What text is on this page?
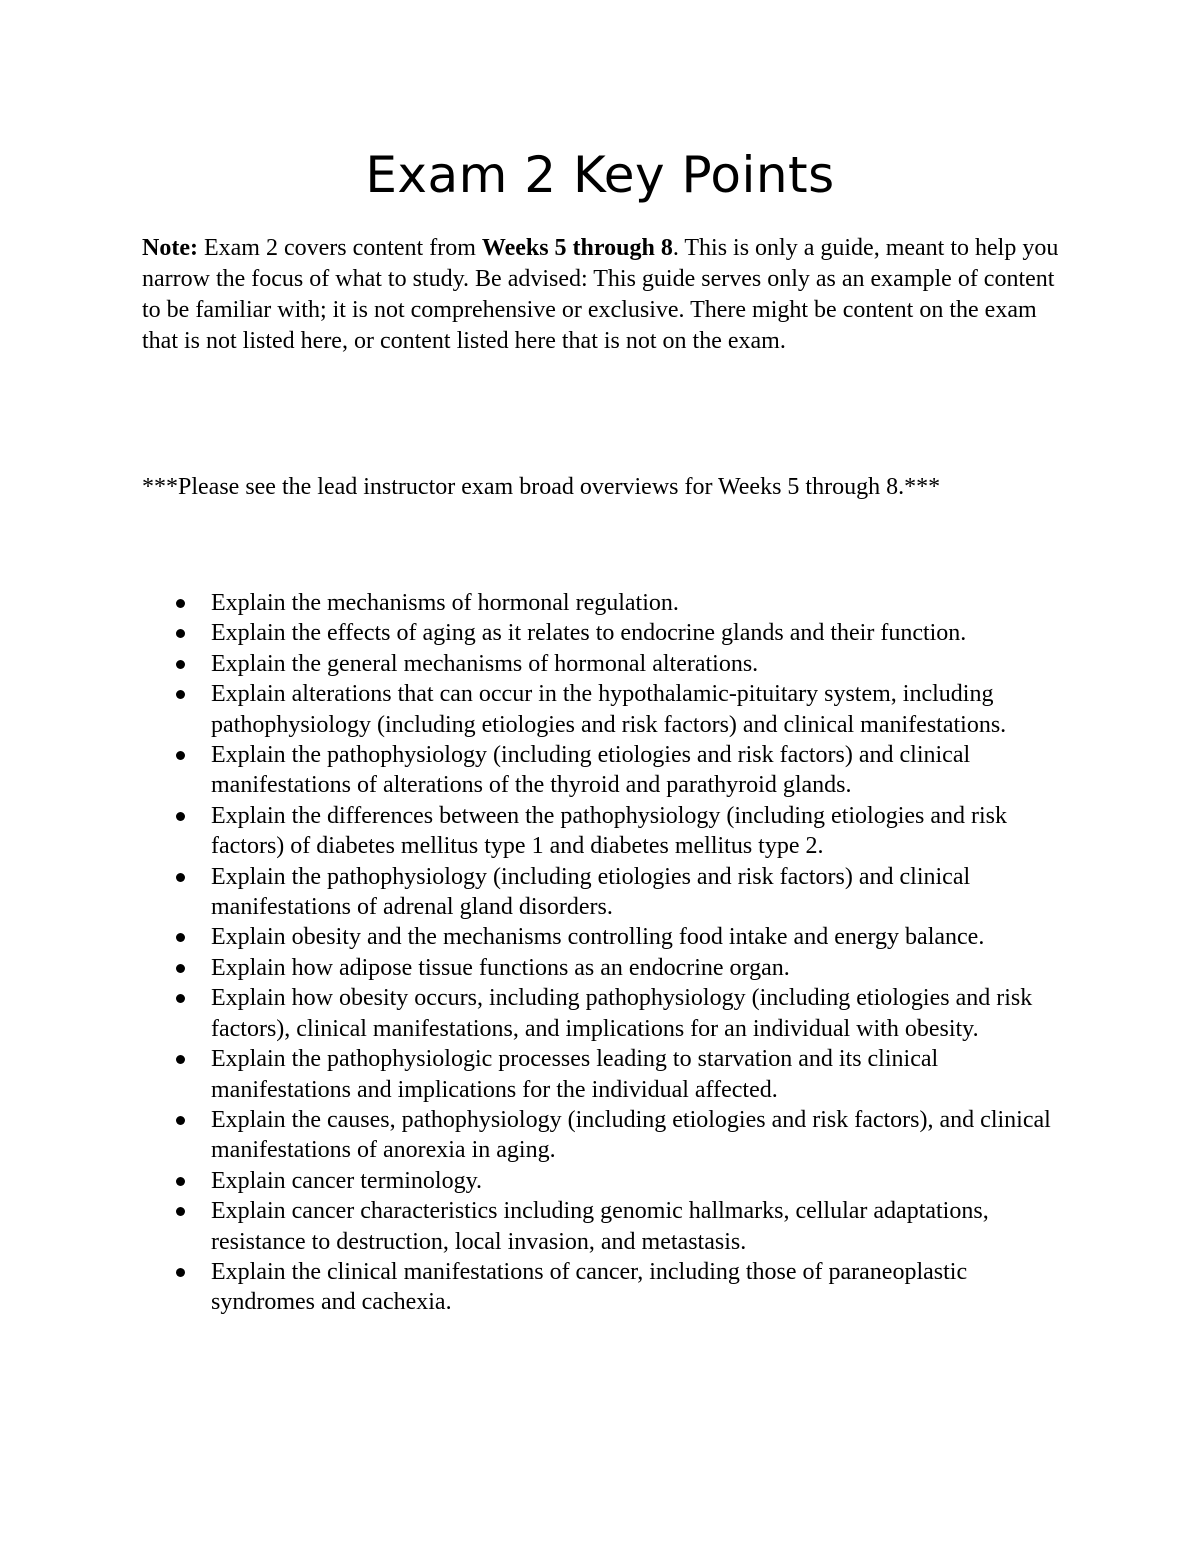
Exam 2 Key Points

Note: Exam 2 covers content from Weeks 5 through 8. This is only a guide, meant to help you narrow the focus of what to study. Be advised: This guide serves only as an example of content to be familiar with; it is not comprehensive or exclusive. There might be content on the exam that is not listed here, or content listed here that is not on the exam.

***Please see the lead instructor exam broad overviews for Weeks 5 through 8.***

Explain the mechanisms of hormonal regulation.
Explain the effects of aging as it relates to endocrine glands and their function.
Explain the general mechanisms of hormonal alterations.
Explain alterations that can occur in the hypothalamic-pituitary system, including pathophysiology (including etiologies and risk factors) and clinical manifestations.
Explain the pathophysiology (including etiologies and risk factors) and clinical manifestations of alterations of the thyroid and parathyroid glands.
Explain the differences between the pathophysiology (including etiologies and risk factors) of diabetes mellitus type 1 and diabetes mellitus type 2.
Explain the pathophysiology (including etiologies and risk factors) and clinical manifestations of adrenal gland disorders.
Explain obesity and the mechanisms controlling food intake and energy balance.
Explain how adipose tissue functions as an endocrine organ.
Explain how obesity occurs, including pathophysiology (including etiologies and risk factors), clinical manifestations, and implications for an individual with obesity.
Explain the pathophysiologic processes leading to starvation and its clinical manifestations and implications for the individual affected.
Explain the causes, pathophysiology (including etiologies and risk factors), and clinical manifestations of anorexia in aging.
Explain cancer terminology.
Explain cancer characteristics including genomic hallmarks, cellular adaptations, resistance to destruction, local invasion, and metastasis.
Explain the clinical manifestations of cancer, including those of paraneoplastic syndromes and cachexia.
